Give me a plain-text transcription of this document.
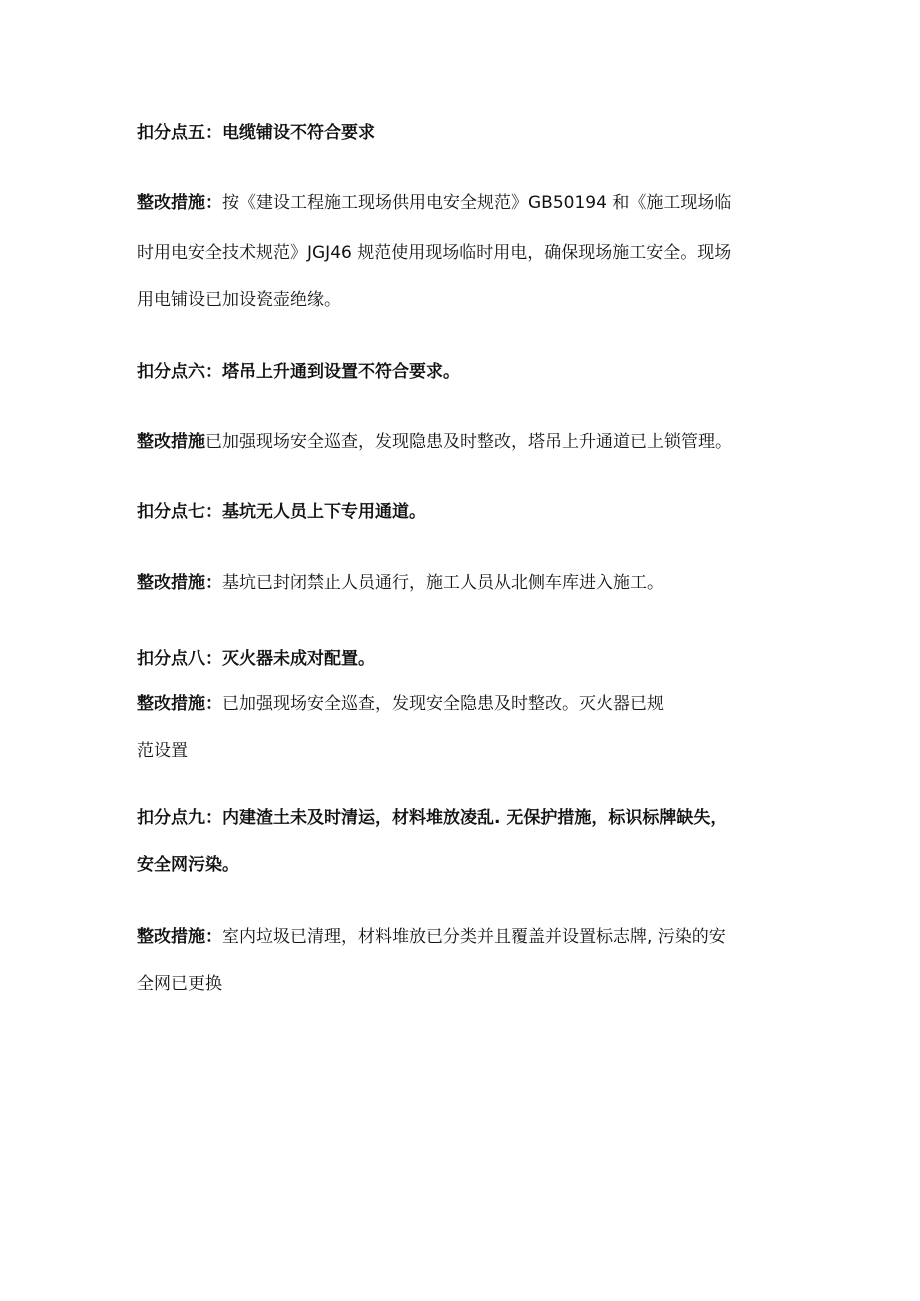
扣分点五：电缆铺设不符合要求
整改措施：按《建设工程施工现场供用电安全规范》GB50194 和《施工现场临
时用电安全技术规范》JGJ46 规范使用现场临时用电，确保现场施工安全。现场
用电铺设已加设瓷壶绝缘。
扣分点六：塔吊上升通到设置不符合要求。
整改措施已加强现场安全巡查，发现隐患及时整改，塔吊上升通道已上锁管理。
扣分点七：基坑无人员上下专用通道。
整改措施：基坑已封闭禁止人员通行，施工人员从北侧车库进入施工。
扣分点八：灭火器未成对配置。
整改措施：已加强现场安全巡查，发现安全隐患及时整改。灭火器已规
范设置
扣分点九：内建渣土未及时清运，材料堆放凌乱. 无保护措施，标识标牌缺失，
安全网污染。
整改措施：室内垃圾已清理，材料堆放已分类并且覆盖并设置标志牌, 污染的安
全网已更换
